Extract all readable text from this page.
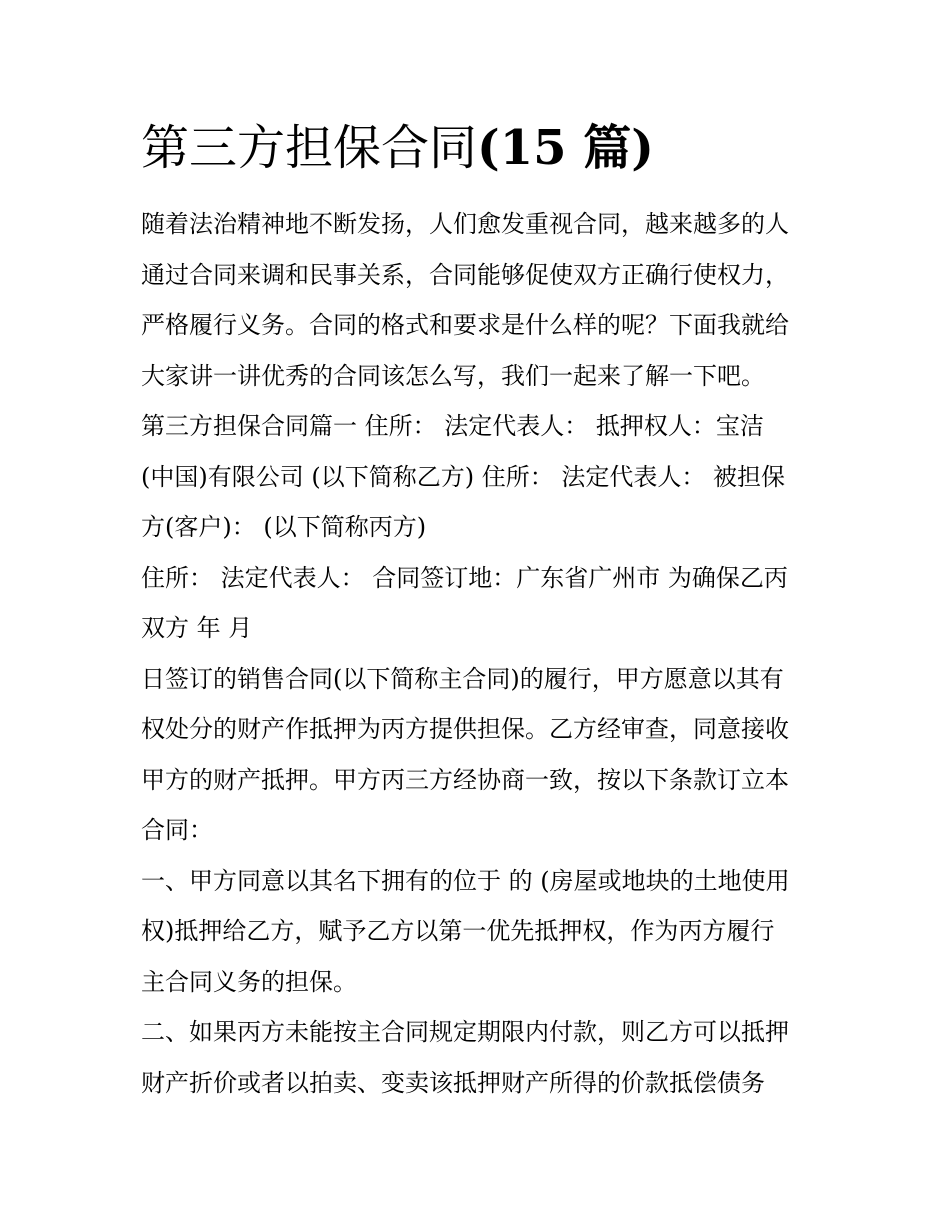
第三方担保合同(15 篇)

随着法治精神地不断发扬，人们愈发重视合同，越来越多的人

通过合同来调和民事关系，合同能够促使双方正确行使权力，

严格履行义务。合同的格式和要求是什么样的呢？下面我就给

大家讲一讲优秀的合同该怎么写，我们一起来了解一下吧。

第三方担保合同篇一 住所： 法定代表人： 抵押权人：宝洁

(中国)有限公司 (以下简称乙方) 住所： 法定代表人： 被担保

方(客户)： (以下简称丙方)

住所： 法定代表人： 合同签订地：广东省广州市 为确保乙丙

双方 年 月

日签订的销售合同(以下简称主合同)的履行，甲方愿意以其有

权处分的财产作抵押为丙方提供担保。乙方经审查，同意接收

甲方的财产抵押。甲方丙三方经协商一致，按以下条款订立本

合同：

一、甲方同意以其名下拥有的位于 的 (房屋或地块的土地使用

权)抵押给乙方，赋予乙方以第一优先抵押权，作为丙方履行

主合同义务的担保。

二、如果丙方未能按主合同规定期限内付款，则乙方可以抵押

财产折价或者以拍卖、变卖该抵押财产所得的价款抵偿债务
